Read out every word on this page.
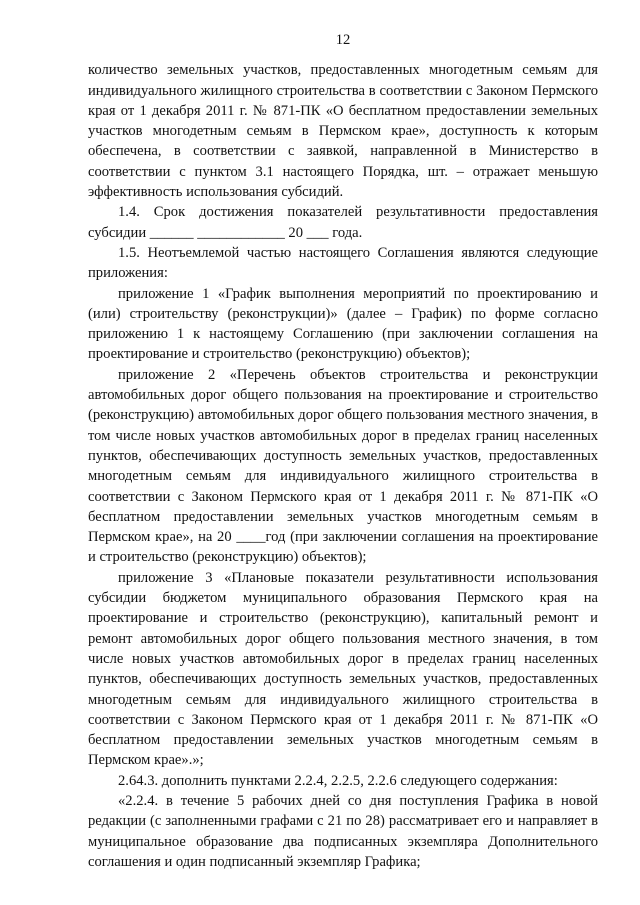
12

количество земельных участков, предоставленных многодетным семьям для индивидуального жилищного строительства в соответствии с Законом Пермского края от 1 декабря 2011 г. № 871-ПК «О бесплатном предоставлении земельных участков многодетным семьям в Пермском крае», доступность к которым обеспечена, в соответствии с заявкой, направленной в Министерство в соответствии с пунктом 3.1 настоящего Порядка, шт. – отражает меньшую эффективность использования субсидий.

1.4. Срок достижения показателей результативности предоставления субсидии ______ ____________ 20 ___ года.

1.5. Неотъемлемой частью настоящего Соглашения являются следующие приложения:

приложение 1 «График выполнения мероприятий по проектированию и (или) строительству (реконструкции)» (далее – График) по форме согласно приложению 1 к настоящему Соглашению (при заключении соглашения на проектирование и строительство (реконструкцию) объектов);

приложение 2 «Перечень объектов строительства и реконструкции автомобильных дорог общего пользования на проектирование и строительство (реконструкцию) автомобильных дорог общего пользования местного значения, в том числе новых участков автомобильных дорог в пределах границ населенных пунктов, обеспечивающих доступность земельных участков, предоставленных многодетным семьям для индивидуального жилищного строительства в соответствии с Законом Пермского края от 1 декабря 2011 г. № 871-ПК «О бесплатном предоставлении земельных участков многодетным семьям в Пермском крае», на 20 ____год (при заключении соглашения на проектирование и строительство (реконструкцию) объектов);

приложение 3 «Плановые показатели результативности использования субсидии бюджетом муниципального образования Пермского края на проектирование и строительство (реконструкцию), капитальный ремонт и ремонт автомобильных дорог общего пользования местного значения, в том числе новых участков автомобильных дорог в пределах границ населенных пунктов, обеспечивающих доступность земельных участков, предоставленных многодетным семьям для индивидуального жилищного строительства в соответствии с Законом Пермского края от 1 декабря 2011 г. № 871-ПК «О бесплатном предоставлении земельных участков многодетным семьям в Пермском крае».»;

2.64.3. дополнить пунктами 2.2.4, 2.2.5, 2.2.6 следующего содержания:

«2.2.4. в течение 5 рабочих дней со дня поступления Графика в новой редакции (с заполненными графами с 21 по 28) рассматривает его и направляет в муниципальное образование два подписанных экземпляра Дополнительного соглашения и один подписанный экземпляр Графика;
